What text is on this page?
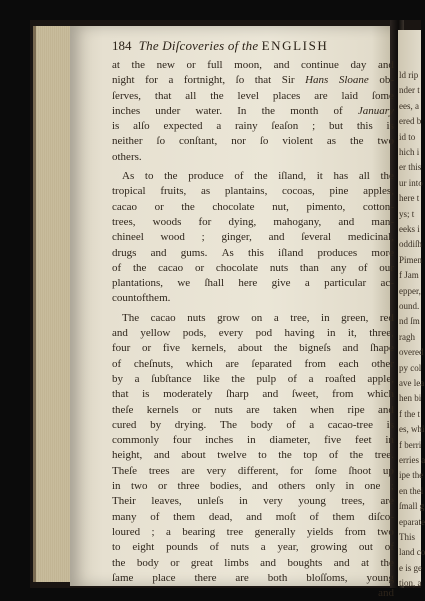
ld rip
nder t
ees, a
ered b
id to
hich i
er this
ur into
here t
ys; t
eeks i
oddiſh
Pimen
f Jam
epper,
ound.
nd ſm
ragh
overed
py col
ave lea
hen bi
f the t
es, whi
f berri
erries a
ipe the
en thei
ſmall g
eparate
This
land co
e is ge
tion, a
184 The Diſcoveries of the ENGLISH
at the new or full moon, and continue day and
night for a fortnight, ſo that Sir Hans Sloane ob-
ſerves, that all the level places are laid ſome
inches under water. In the month of January
is alſo expected a rainy ſeaſon ; but this is
neither ſo conſtant, nor ſo violent as the two
others.
As to the produce of the iſland, it has all the
tropical fruits, as plantains, cocoas, pine apples,
cacao or the chocolate nut, pimento, cotton-
trees, woods for dying, mahogany, and man-
chineel wood ; ginger, and ſeveral medicinal,
drugs and gums. As this iſland produces more
of the cacao or chocolate nuts than any of our
plantations, we ſhall here give a particular ac-
count of them.
The cacao nuts grow on a tree, in green, red
and yellow pods, every pod having in it, three,
four or five kernels, about the bigneſs and ſhape
of cheſnuts, which are ſeparated from each other
by a ſubſtance like the pulp of a roaſted apple,
that is moderately ſharp and ſweet, from which
theſe kernels or nuts are taken when ripe and
cured by drying. The body of a cacao-tree is
commonly four inches in diameter, five feet in
height, and about twelve to the top of the tree.
Theſe trees are very different, for ſome ſhoot up
in two or three bodies, and others only in one ;
Their leaves, unleſs in very young trees, are
many of them dead, and moſt of them diſco-
loured ; a bearing tree generally yields from two
to eight pounds of nuts a year, growing out of
the body or great limbs and boughts and at the
ſame place there are both bloſſoms, young
and
